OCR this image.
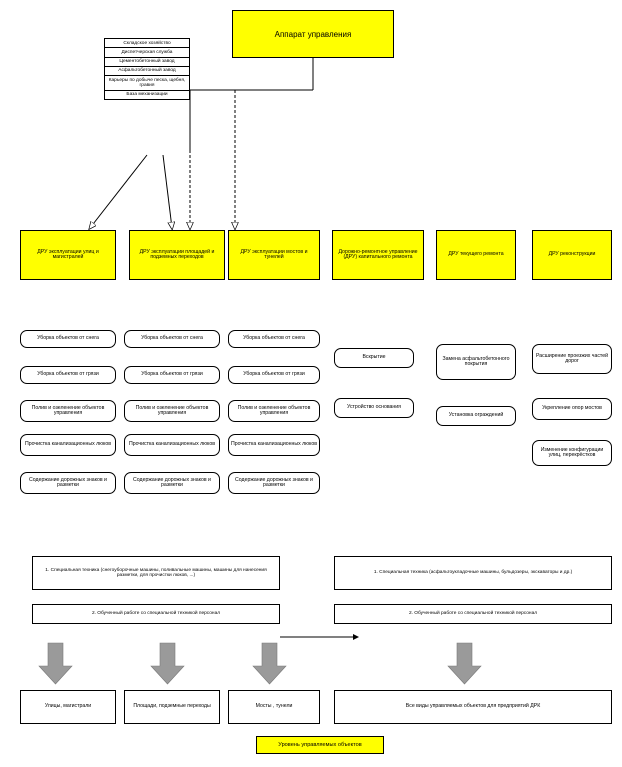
Аппарат управления
Складское хозяйство
Диспетчерская служба
Цементобетонный завод
Асфальтобетонный завод
Карьеры по добыче песка, щебня, гравия
База механизации
ДРУ эксплуатации улиц и магистралей
ДРУ эксплуатации площадей и подземных переходов
ДРУ эксплуатации мостов и тунелей
Дорожно-ремонтное управление (ДРУ) капитального ремонта	ДРУ текущего ремонта	ДРУ реконструкции
Уборка объектов от снега
Уборка объектов от грязи
Полив и озеленение объектов управления
Прочистка канализационных люков
Содержание дорожных знаков и разметки
Уборка объектов от снега
Уборка объектов от грязи
Полив и озеленение объектов управления
Прочистка канализационных люков
Содержание дорожных знаков и разметки
Уборка объектов от снега
Уборка объектов от грязи
Полив и озеленение объектов управления
Прочистка канализационных люков
Содержание дорожных знаков и разметки
Вскрытие
Устройство основания
Замена асфальтобетонного покрытия
Установка ограждений
Расширение проезжих частей дорог
Укрепление опор мостов
Изменение конфигурации улиц, перекрёстков
1. Специальная техника (снегоуборочные машины, поливальные машины, машины для нанесения разметки, для прочистки люков, ...)
2. Обученный работе со специальной техникой персонал
1. Специальная техника (асфальтоукладочные машины, бульдозеры, экскаваторы и др.)
2. Обученный работе со специальной техникой персонал
Улицы, магистрали	Площади, подземные переходы	Мосты , тунели	Все виды управляемых объектов для предприятий ДРК
Уровень управляемых объектов
